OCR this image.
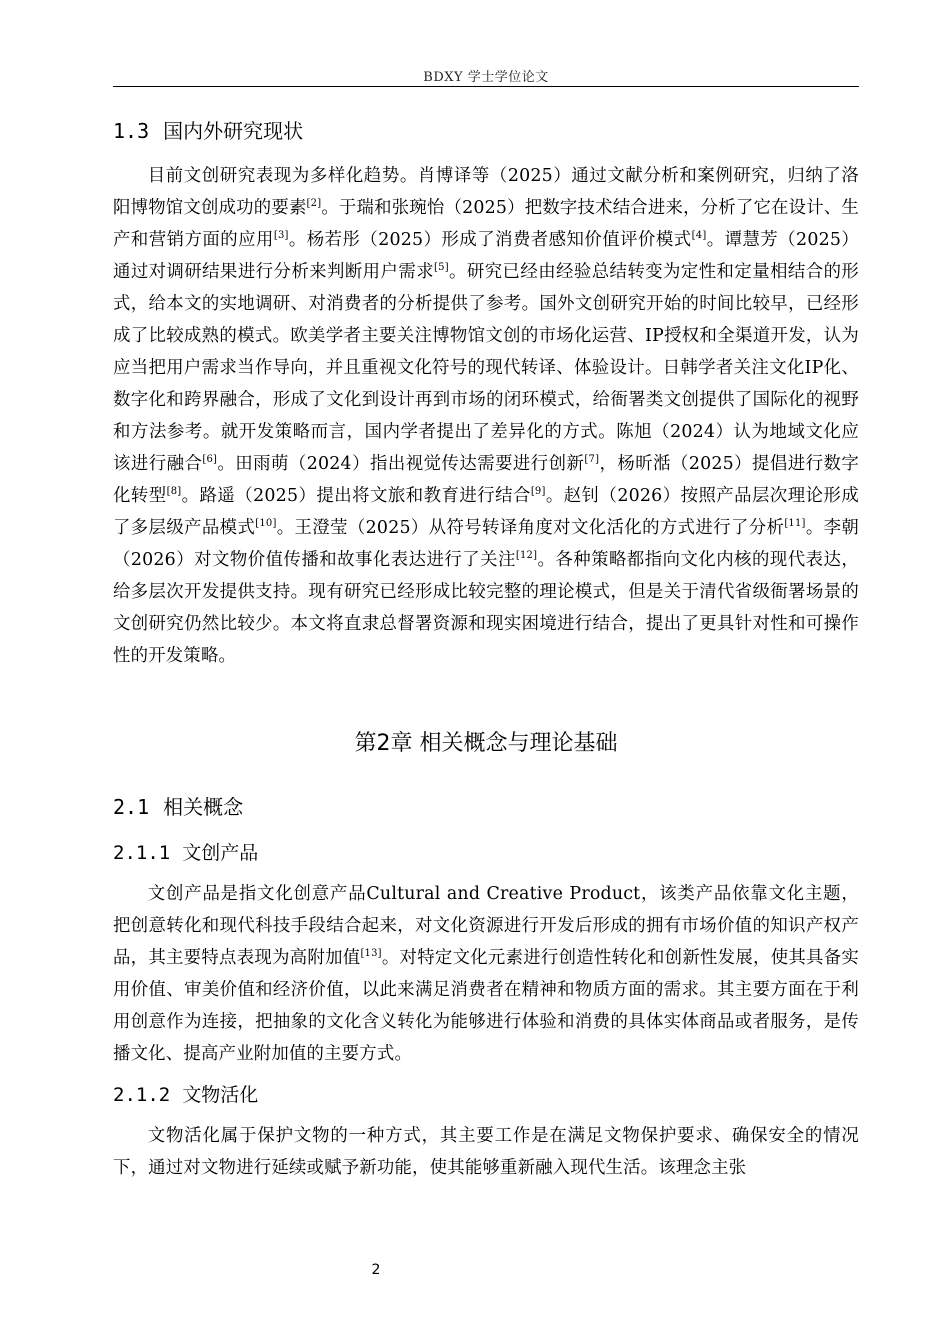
BDXY 学士学位论文
1.3 国内外研究现状

目前文创研究表现为多样化趋势。肖博译等（2025）通过文献分析和案例研究，归纳了洛阳博物馆文创成功的要素[2]。于瑞和张琬怡（2025）把数字技术结合进来，分析了它在设计、生产和营销方面的应用[3]。杨若彤（2025）形成了消费者感知价值评价模式[4]。谭慧芳（2025）通过对调研结果进行分析来判断用户需求[5]。研究已经由经验总结转变为定性和定量相结合的形式，给本文的实地调研、对消费者的分析提供了参考。国外文创研究开始的时间比较早，已经形成了比较成熟的模式。欧美学者主要关注博物馆文创的市场化运营、IP授权和全渠道开发，认为应当把用户需求当作导向，并且重视文化符号的现代转译、体验设计。日韩学者关注文化IP化、数字化和跨界融合，形成了文化到设计再到市场的闭环模式，给衙署类文创提供了国际化的视野和方法参考。就开发策略而言，国内学者提出了差异化的方式。陈旭（2024）认为地域文化应该进行融合[6]。田雨萌（2024）指出视觉传达需要进行创新[7]，杨昕湉（2025）提倡进行数字化转型[8]。路遥（2025）提出将文旅和教育进行结合[9]。赵钊（2026）按照产品层次理论形成了多层级产品模式[10]。王澄莹（2025）从符号转译角度对文化活化的方式进行了分析[11]。李朝（2026）对文物价值传播和故事化表达进行了关注[12]。各种策略都指向文化内核的现代表达，给多层次开发提供支持。现有研究已经形成比较完整的理论模式，但是关于清代省级衙署场景的文创研究仍然比较少。本文将直隶总督署资源和现实困境进行结合，提出了更具针对性和可操作性的开发策略。

第2章 相关概念与理论基础
2.1 相关概念
2.1.1 文创产品

文创产品是指文化创意产品Cultural and Creative Product，该类产品依靠文化主题，把创意转化和现代科技手段结合起来，对文化资源进行开发后形成的拥有市场价值的知识产权产品，其主要特点表现为高附加值[13]。对特定文化元素进行创造性转化和创新性发展，使其具备实用价值、审美价值和经济价值，以此来满足消费者在精神和物质方面的需求。其主要方面在于利用创意作为连接，把抽象的文化含义转化为能够进行体验和消费的具体实体商品或者服务，是传播文化、提高产业附加值的主要方式。

2.1.2 文物活化

文物活化属于保护文物的一种方式，其主要工作是在满足文物保护要求、确保安全的情况下，通过对文物进行延续或赋予新功能，使其能够重新融入现代生活。该理念主张

2
